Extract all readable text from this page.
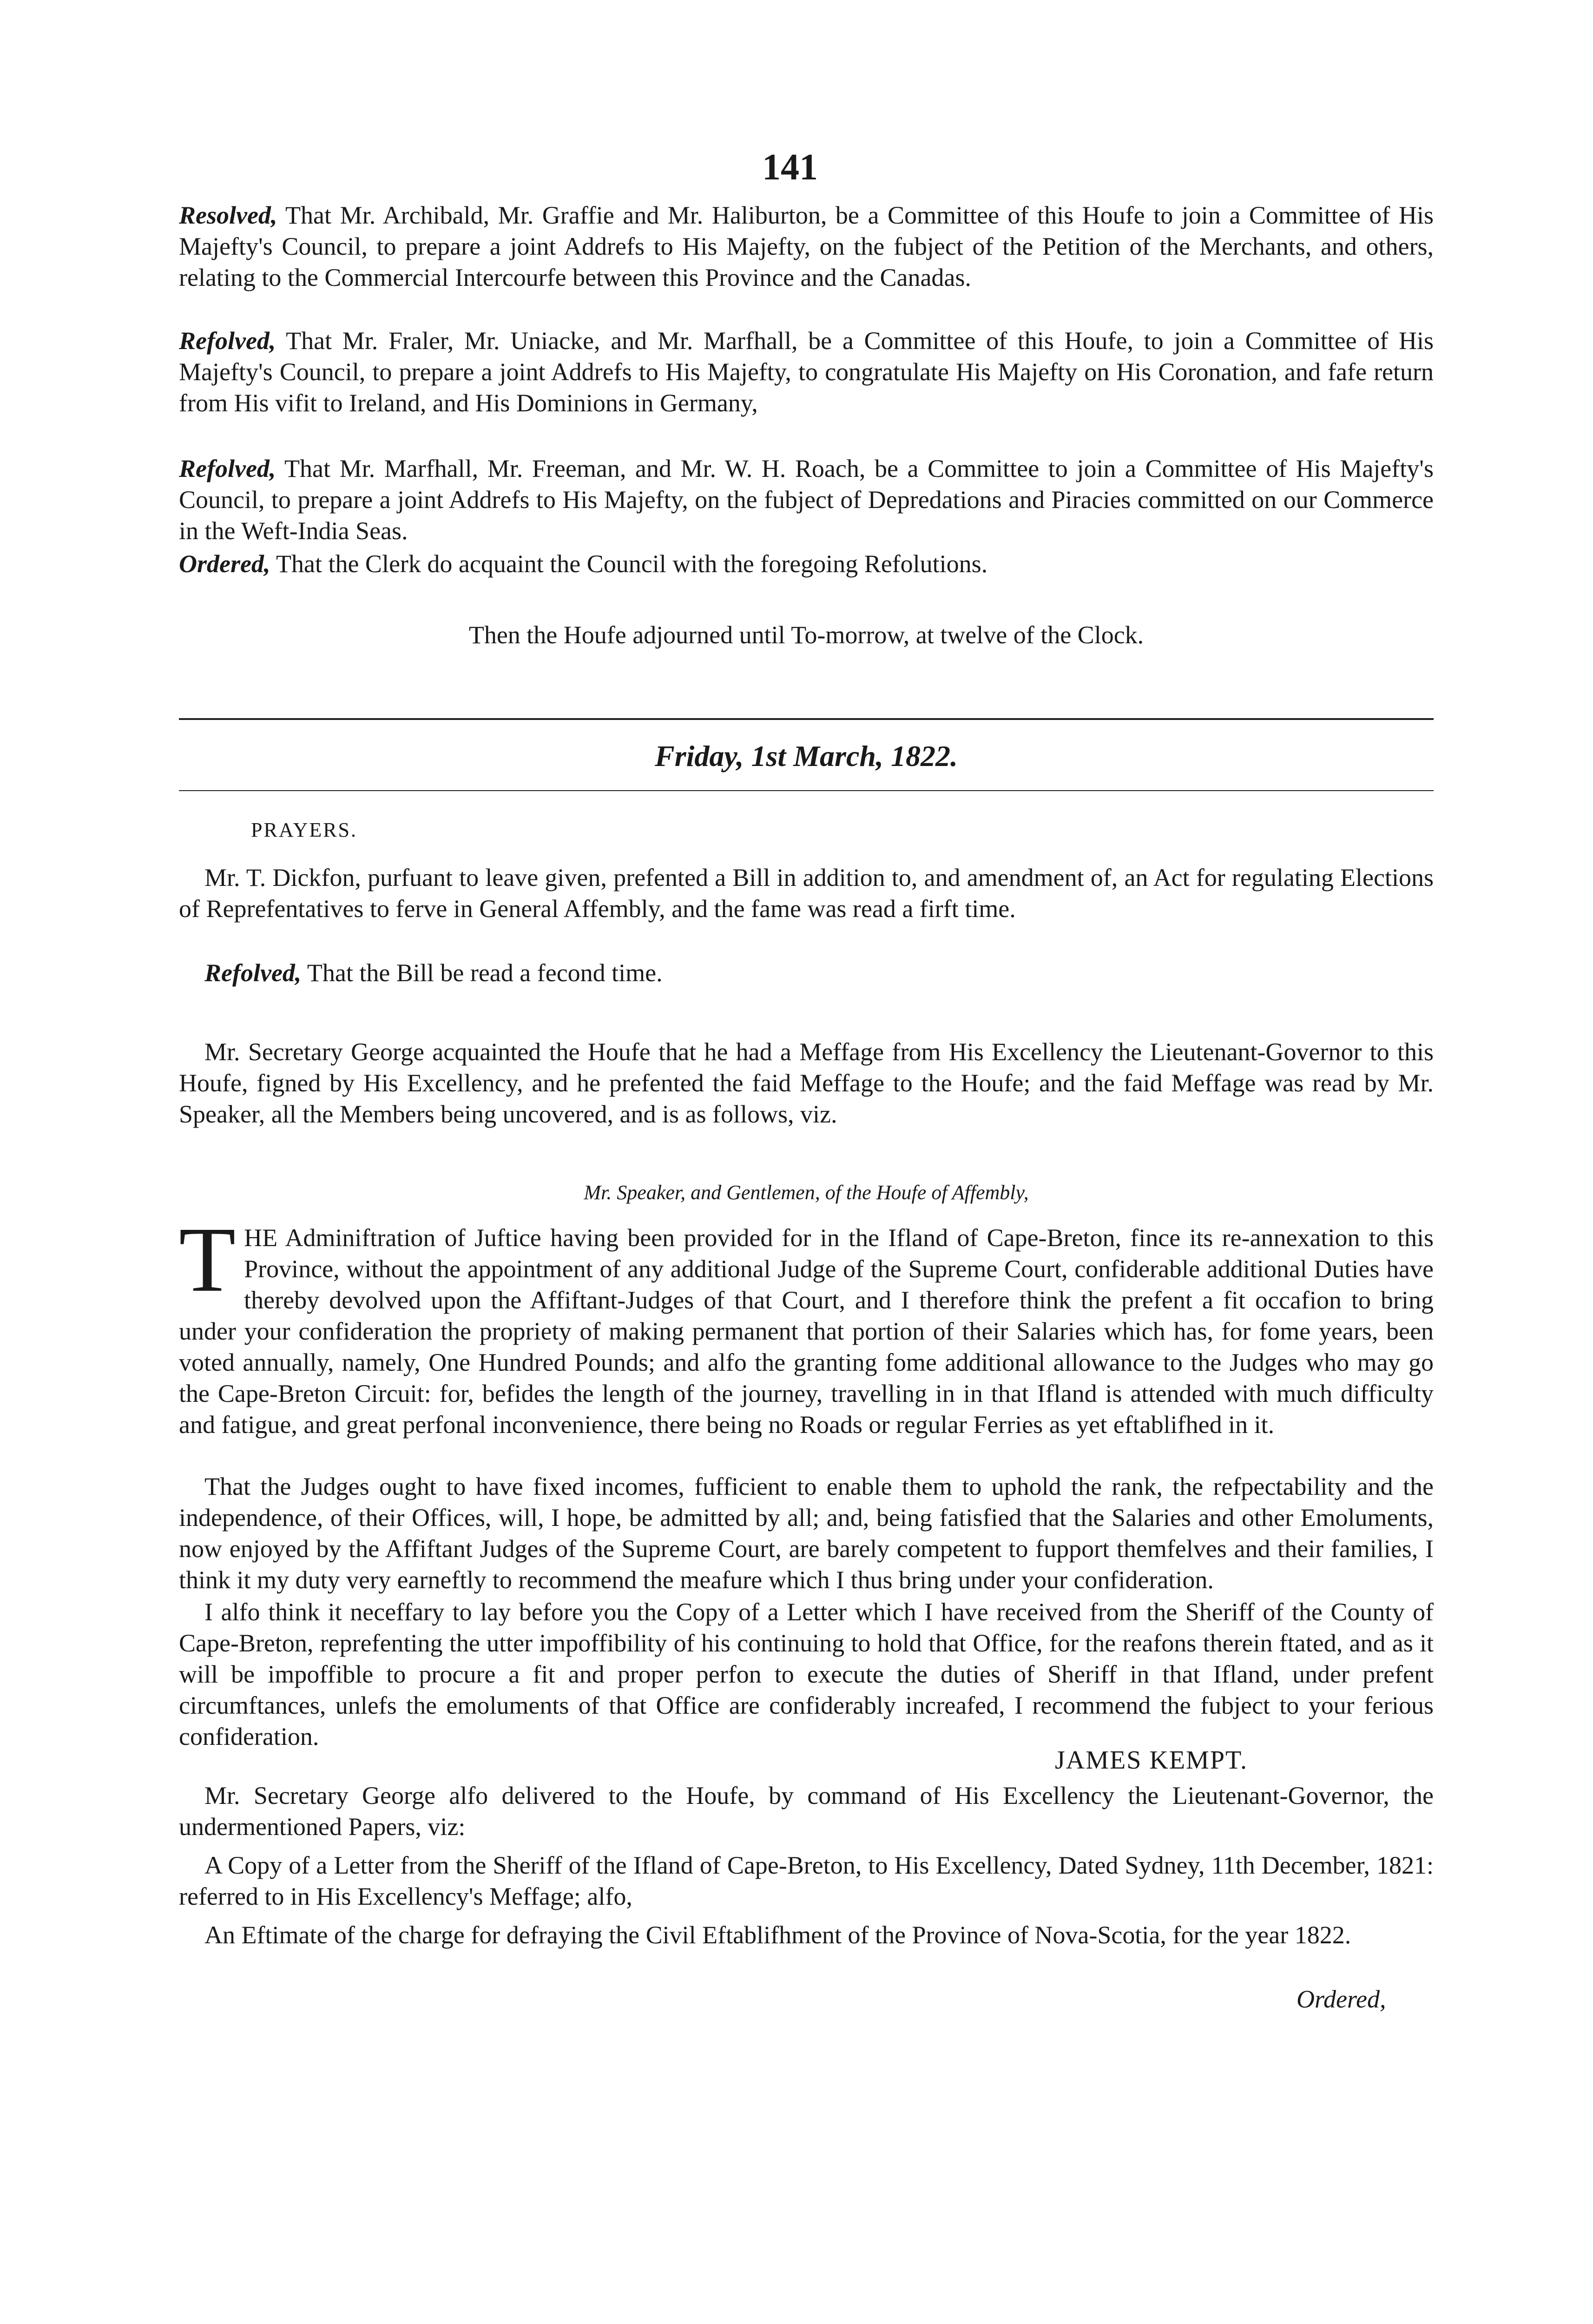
141

Resolved, That Mr. Archibald, Mr. Graffie and Mr. Haliburton, be a Committee of this Houfe to join a Committee of His Majefty's Council, to prepare a joint Addrefs to His Majefty, on the fubject of the Petition of the Merchants, and others, relating to the Commercial Intercourfe between this Province and the Canadas.

Refolved, That Mr. Fraler, Mr. Uniacke, and Mr. Marfhall, be a Committee of this Houfe, to join a Committee of His Majefty's Council, to prepare a joint Addrefs to His Majefty, to congratulate His Majefty on His Coronation, and fafe return from His vifit to Ireland, and His Dominions in Germany,

Refolved, That Mr. Marfhall, Mr. Freeman, and Mr. W. H. Roach, be a Committee to join a Committee of His Majefty's Council, to prepare a joint Addrefs to His Majefty, on the fubject of Depredations and Piracies committed on our Commerce in the Weft-India Seas.

Ordered, That the Clerk do acquaint the Council with the foregoing Refolutions.

Then the Houfe adjourned until To-morrow, at twelve of the Clock.

Friday, 1st March, 1822.
PRAYERS.

Mr. T. Dickfon, purfuant to leave given, prefented a Bill in addition to, and amendment of, an Act for regulating Elections of Reprefentatives to ferve in General Affembly, and the fame was read a firft time.

Refolved, That the Bill be read a fecond time.

Mr. Secretary George acquainted the Houfe that he had a Meffage from His Excellency the Lieutenant-Governor to this Houfe, figned by His Excellency, and he prefented the faid Meffage to the Houfe; and the faid Meffage was read by Mr. Speaker, all the Members being uncovered, and is as follows, viz.

Mr. Speaker, and Gentlemen, of the Houfe of Affembly,
THE Adminiftration of Juftice having been provided for in the Ifland of Cape-Breton, fince its re-annexation to this Province, without the appointment of any additional Judge of the Supreme Court, confiderable additional Duties have thereby devolved upon the Affiftant-Judges of that Court, and I therefore think the prefent a fit occafion to bring under your confideration the propriety of making permanent that portion of their Salaries which has, for fome years, been voted annually, namely, One Hundred Pounds; and alfo the granting fome additional allowance to the Judges who may go the Cape-Breton Circuit: for, befides the length of the journey, travelling in in that Ifland is attended with much difficulty and fatigue, and great perfonal inconvenience, there being no Roads or regular Ferries as yet eftablifhed in it.

That the Judges ought to have fixed incomes, fufficient to enable them to uphold the rank, the refpectability and the independence, of their Offices, will, I hope, be admitted by all; and, being fatisfied that the Salaries and other Emoluments, now enjoyed by the Affiftant Judges of the Supreme Court, are barely competent to fupport themfelves and their families, I think it my duty very earneftly to recommend the meafure which I thus bring under your confideration.

I alfo think it neceffary to lay before you the Copy of a Letter which I have received from the Sheriff of the County of Cape-Breton, reprefenting the utter impoffibility of his continuing to hold that Office, for the reafons therein ftated, and as it will be impoffible to procure a fit and proper perfon to execute the duties of Sheriff in that Ifland, under prefent circumftances, unlefs the emoluments of that Office are confiderably increafed, I recommend the fubject to your ferious confideration.

JAMES KEMPT.

Mr. Secretary George alfo delivered to the Houfe, by command of His Excellency the Lieutenant-Governor, the undermentioned Papers, viz:

A Copy of a Letter from the Sheriff of the Ifland of Cape-Breton, to His Excellency, Dated Sydney, 11th December, 1821: referred to in His Excellency's Meffage; alfo,

An Eftimate of the charge for defraying the Civil Eftablifhment of the Province of Nova-Scotia, for the year 1822.

Ordered,
